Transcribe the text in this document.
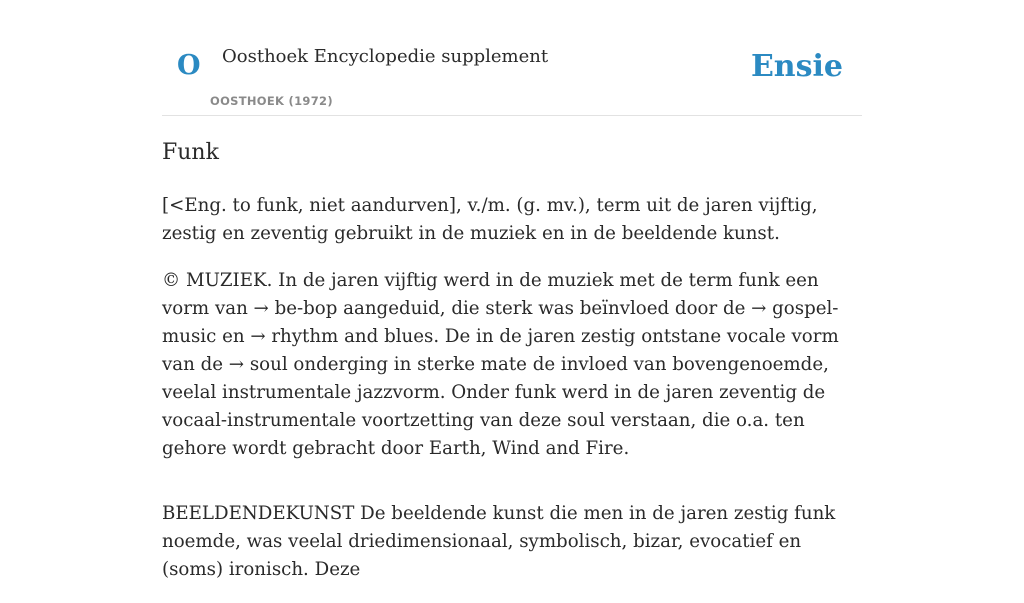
O Oosthoek Encyclopedie supplement
OOSTHOEK (1972)
Ensie
Funk

[<Eng. to funk, niet aandurven], v./m. (g. mv.), term uit de jaren vijftig, zestig en zeventig gebruikt in de muziek en in de beeldende kunst.

© MUZIEK. In de jaren vijftig werd in de muziek met de term funk een vorm van → be-bop aangeduid, die sterk was beïnvloed door de → gospel-music en → rhythm and blues. De in de jaren zestig ontstane vocale vorm van de → soul onderging in sterke mate de invloed van bovengenoemde, veelal instrumentale jazzvorm. Onder funk werd in de jaren zeventig de vocaal-instrumentale voortzetting van deze soul verstaan, die o.a. ten gehore wordt gebracht door Earth, Wind and Fire.

BEELDENDEKUNST De beeldende kunst die men in de jaren zestig funk noemde, was veelal driedimensionaal, symbolisch, bizar, evocatief en (soms) ironisch. Deze
